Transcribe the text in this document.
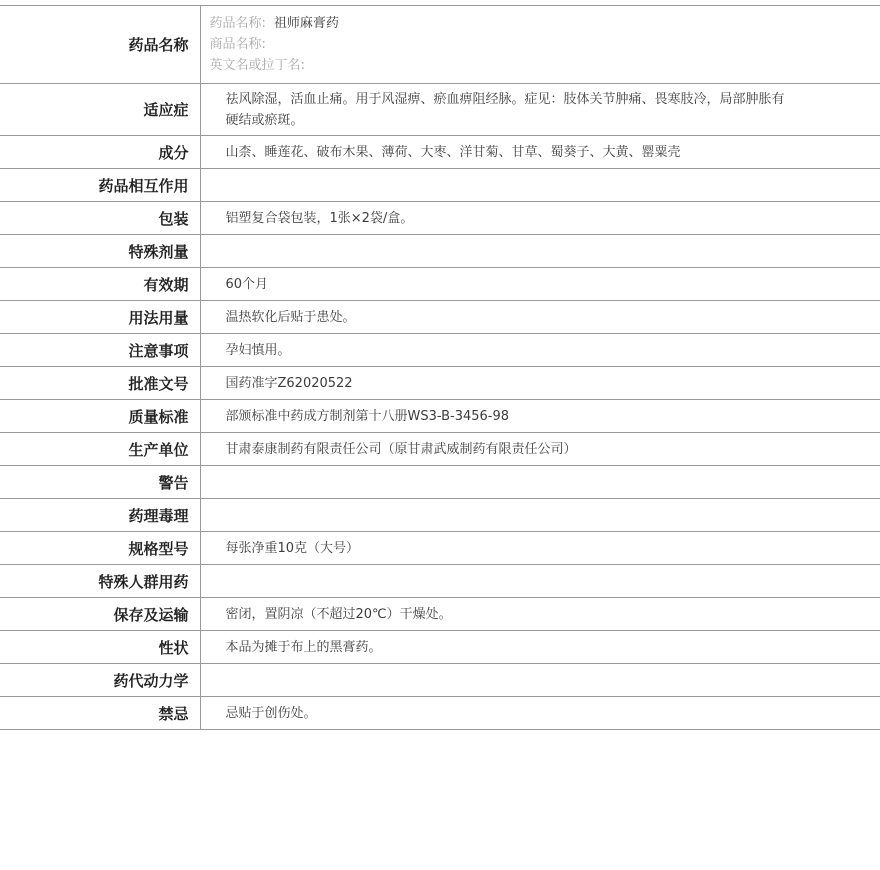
药品名称	药品名称: 祖师麻膏药
商品名称:
英文名或拉丁名:

适应症	祛风除湿，活血止痛。用于风湿痹、瘀血痹阻经脉。症见：肢体关节肿痛、畏寒肢冷，局部肿胀有硬结或瘀斑。
成分	山柰、睡莲花、破布木果、薄荷、大枣、洋甘菊、甘草、蜀葵子、大黄、罂粟壳
药品相互作用	
包装	铝塑复合袋包装，1张×2袋/盒。
特殊剂量	
有效期	60个月
用法用量	温热软化后贴于患处。
注意事项	孕妇慎用。
批准文号	国药准字Z62020522
质量标准	部颁标准中药成方制剂第十八册WS3-B-3456-98
生产单位	甘肃泰康制药有限责任公司（原甘肃武威制药有限责任公司）
警告	
药理毒理	
规格型号	每张净重10克（大号）
特殊人群用药	
保存及运输	密闭，置阴凉（不超过20℃）干燥处。
性状	本品为摊于布上的黑膏药。
药代动力学	
禁忌	忌贴于创伤处。
